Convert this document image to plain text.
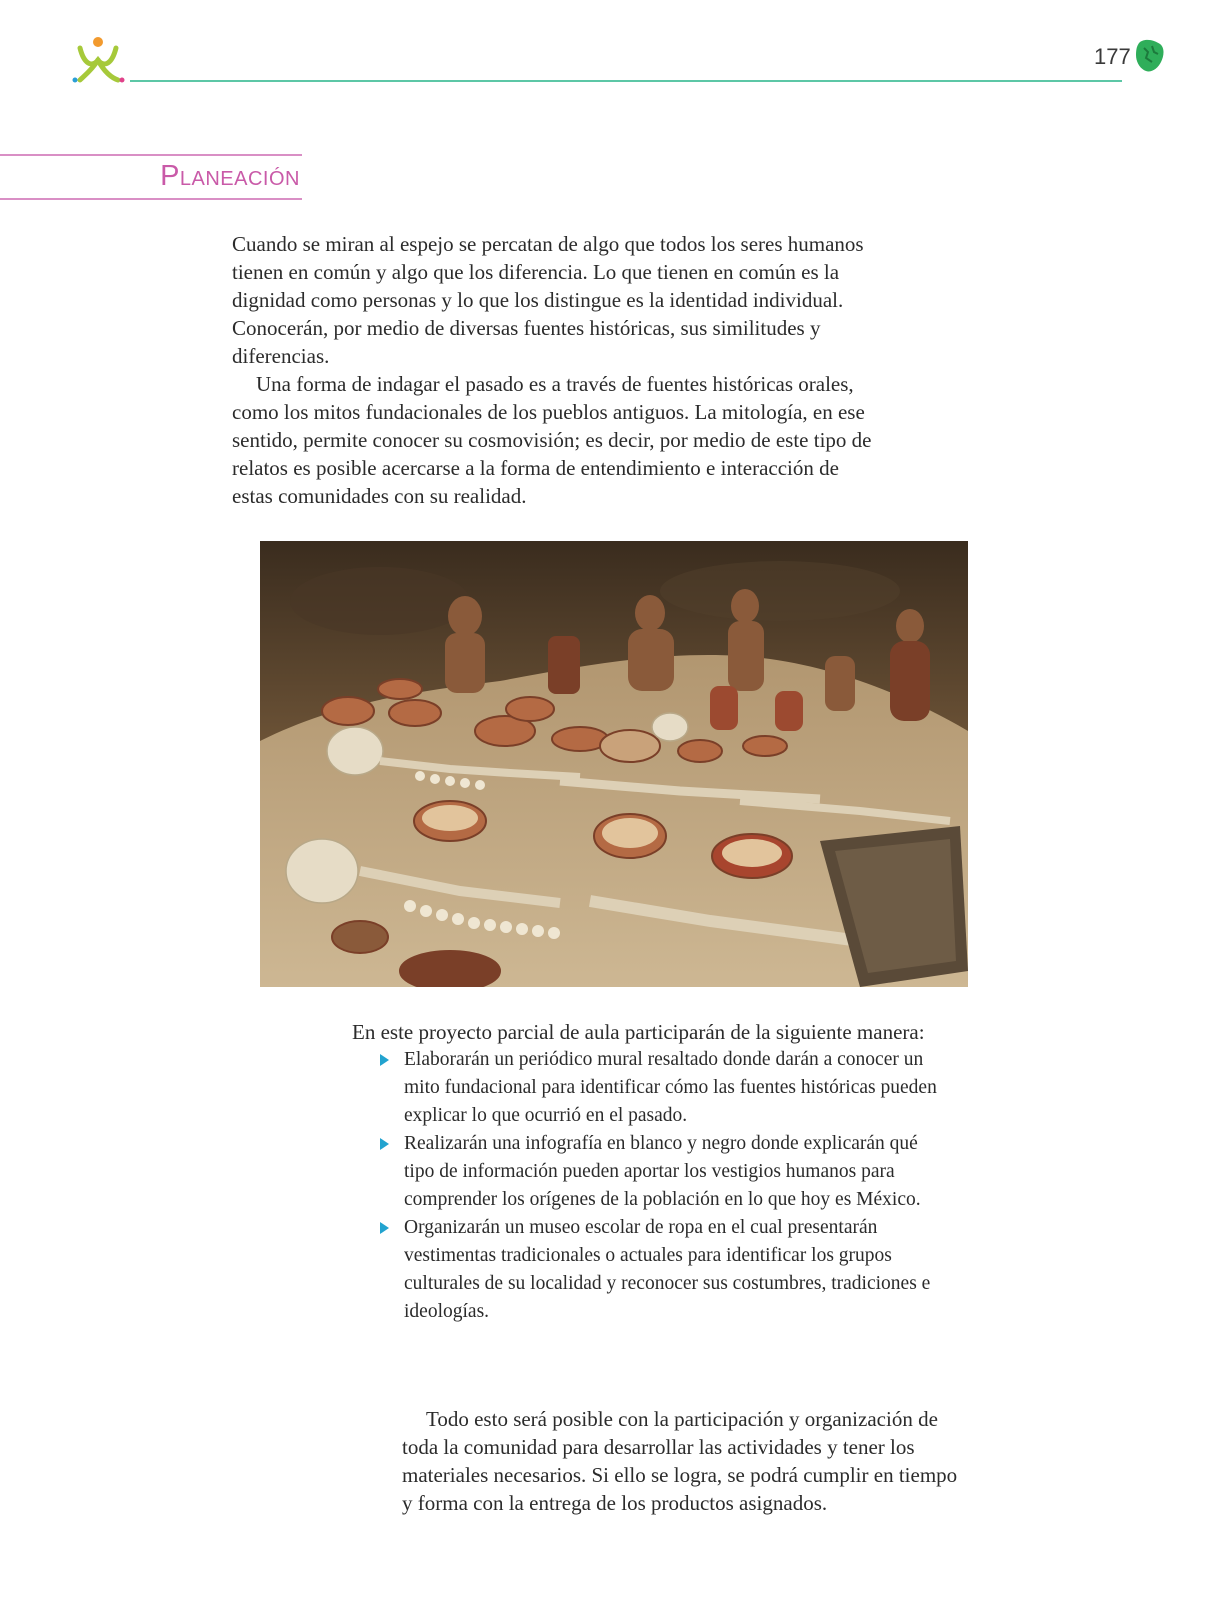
177
Planeación

Cuando se miran al espejo se percatan de algo que todos los seres humanos tienen en común y algo que los diferencia. Lo que tienen en común es la dignidad como personas y lo que los distingue es la identidad individual. Conocerán, por medio de diversas fuentes históricas, sus similitudes y diferencias.

Una forma de indagar el pasado es a través de fuentes históricas orales, como los mitos fundacionales de los pueblos antiguos. La mitología, en ese sentido, permite conocer su cosmovisión; es decir, por medio de este tipo de relatos es posible acercarse a la forma de entendimiento e interacción de estas comunidades con su realidad.

En este proyecto parcial de aula participarán de la siguiente manera:

Elaborarán un periódico mural resaltado donde darán a conocer un mito fundacional para identificar cómo las fuentes históricas pueden explicar lo que ocurrió en el pasado.
Realizarán una infografía en blanco y negro donde explicarán qué tipo de información pueden aportar los vestigios humanos para comprender los orígenes de la población en lo que hoy es México.
Organizarán un museo escolar de ropa en el cual presentarán vestimentas tradicionales o actuales para identificar los grupos culturales de su localidad y reconocer sus costumbres, tradiciones e ideologías.

Todo esto será posible con la participación y organización de toda la comunidad para desarrollar las actividades y tener los materiales necesarios. Si ello se logra, se podrá cumplir en tiempo y forma con la entrega de los productos asignados.
